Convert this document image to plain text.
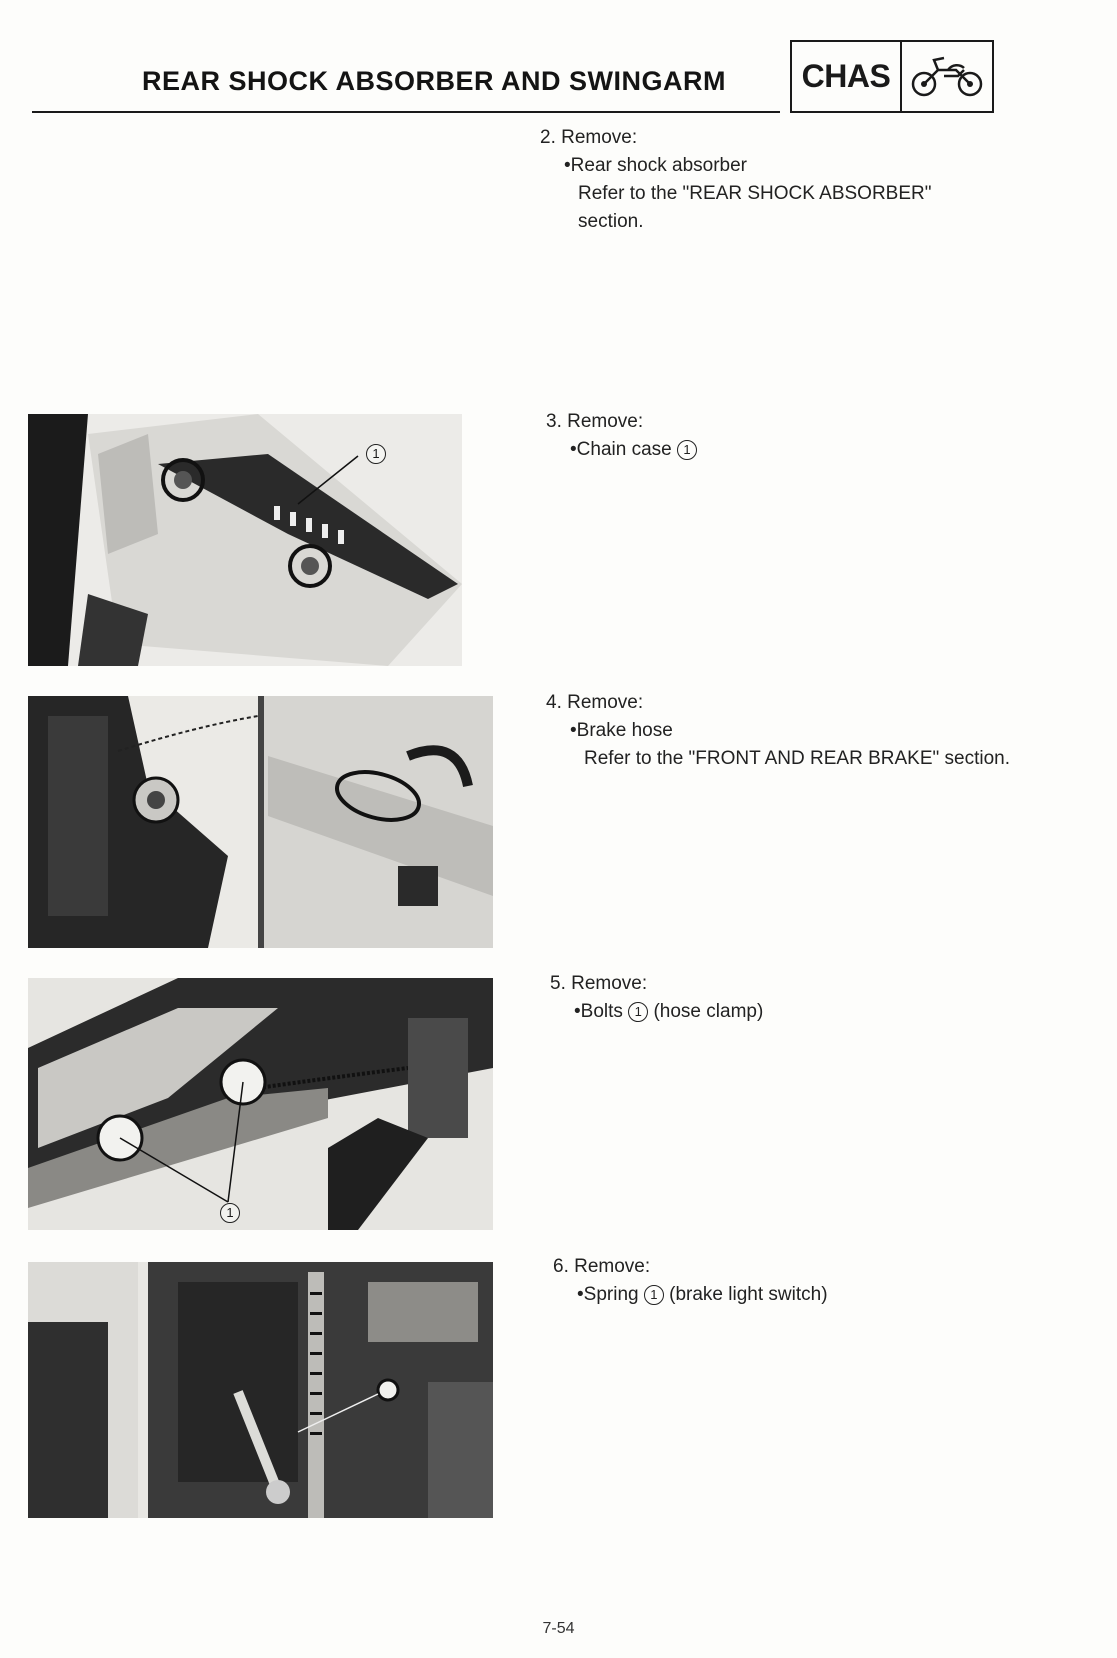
REAR SHOCK ABSORBER AND SWINGARM	CHAS
2. Remove:
•Rear shock absorber
Refer to the "REAR SHOCK ABSORBER" section.
3. Remove:
•Chain case 1
4. Remove:
•Brake hose
Refer to the "FRONT AND REAR BRAKE" section.
5. Remove:
•Bolts 1 (hose clamp)
6. Remove:
•Spring 1 (brake light switch)
1
1
7-54
